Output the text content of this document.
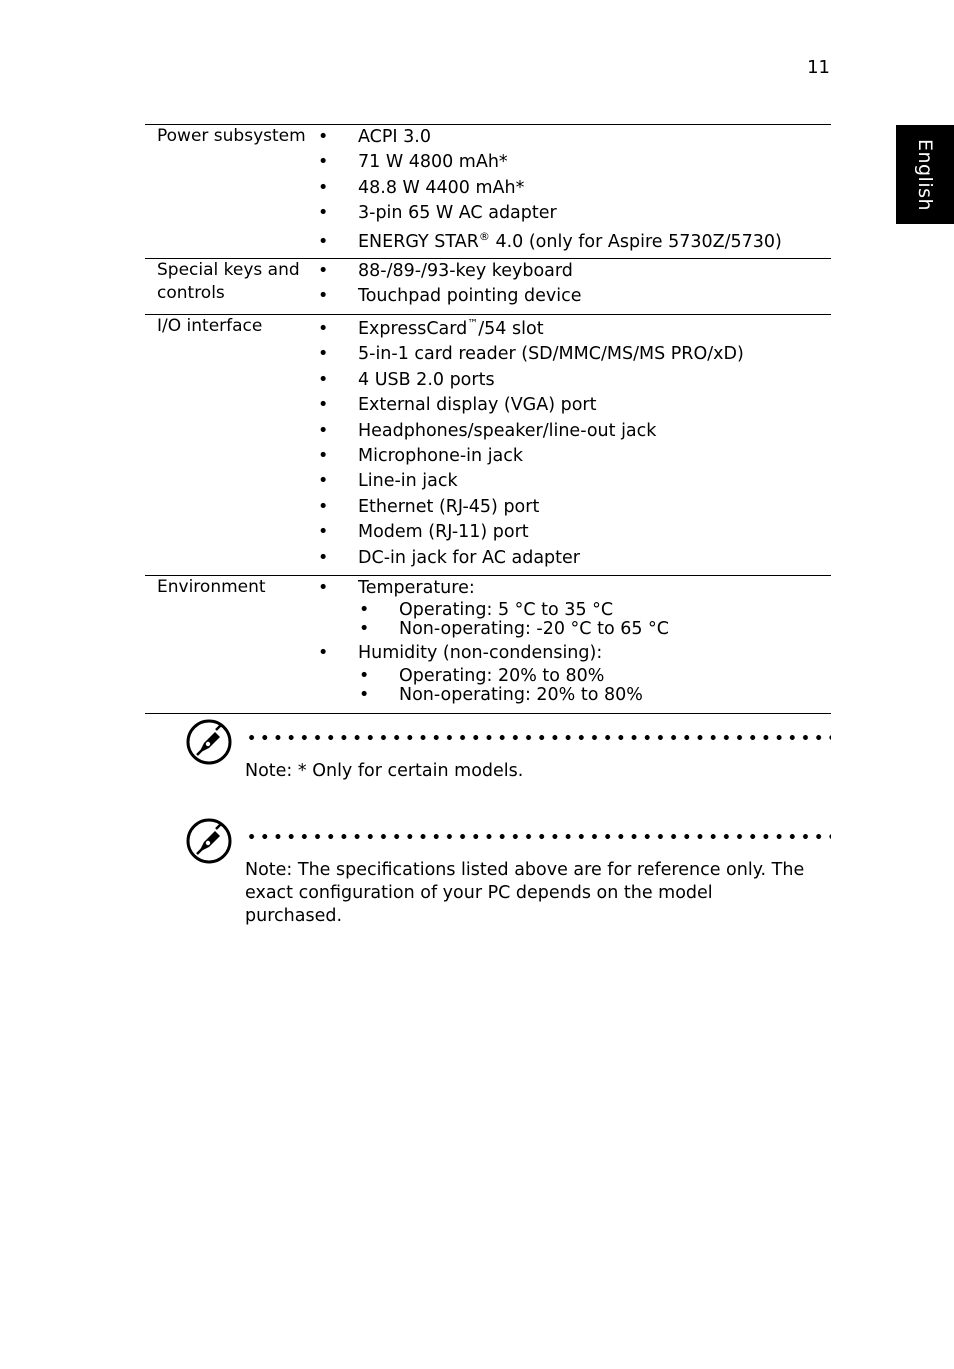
11
English
Power subsystem	• ACPI 3.0
• 71 W 4800 mAh*
• 48.8 W 4400 mAh*
• 3-pin 65 W AC adapter
• ENERGY STAR® 4.0 (only for Aspire 5730Z/5730)
Special keys and controls
• 88-/89-/93-key keyboard
• Touchpad pointing device
I/O interface	• ExpressCard™/54 slot
• 5-in-1 card reader (SD/MMC/MS/MS PRO/xD)
• 4 USB 2.0 ports
• External display (VGA) port
• Headphones/speaker/line-out jack
• Microphone-in jack
• Line-in jack
• Ethernet (RJ-45) port
• Modem (RJ-11) port
• DC-in jack for AC adapter
Environment	• Temperature:
• Operating: 5 °C to 35 °C
• Non-operating: -20 °C to 65 °C
• Humidity (non-condensing):
• Operating: 20% to 80%
• Non-operating: 20% to 80%
Note: * Only for certain models.
Note: The specifications listed above are for reference only. The exact configuration of your PC depends on the model purchased.
